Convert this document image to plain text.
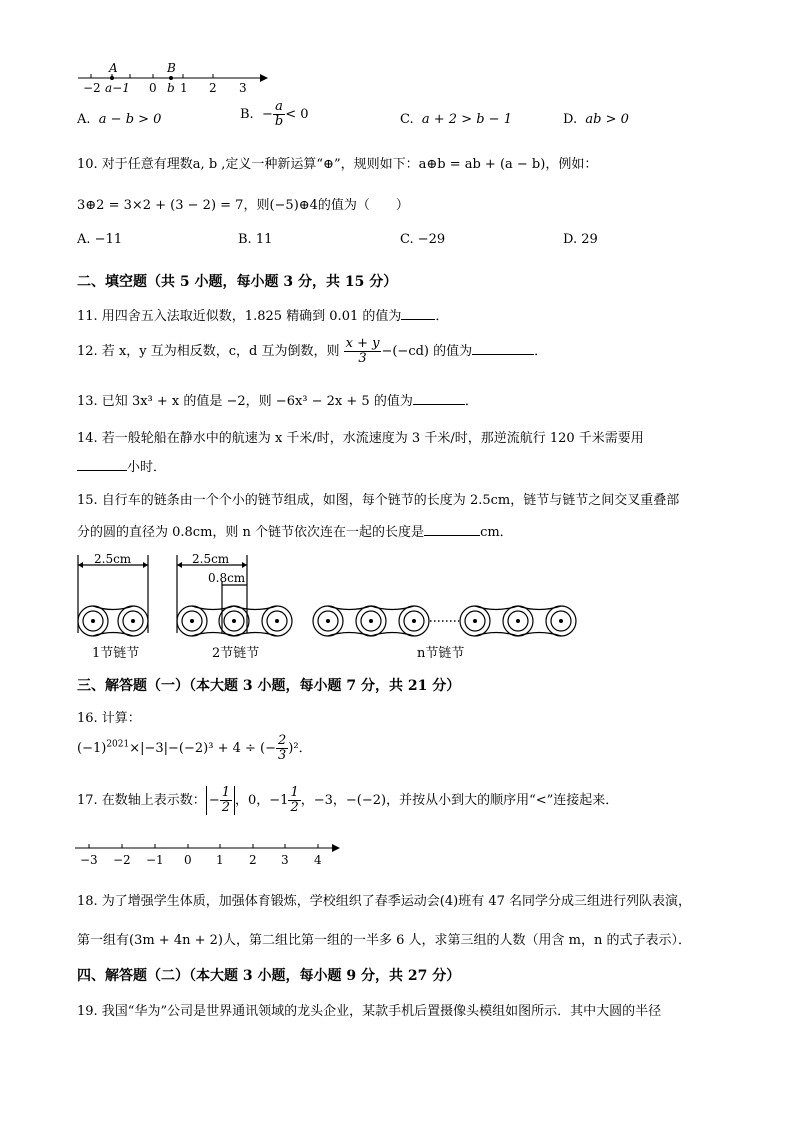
A	B
−2 a−1 0 b 1 2 3
A. a − b > 0	B. − $\frac{a}{b} < 0$	C. a + 2 > b − 1	D. ab > 0
10. 对于任意有理数a, b ,定义一种新运算“⊕”，规则如下：a⊕b = ab + (a − b)，例如：
3⊕2 = 3×2 + (3 − 2) = 7，则(−5)⊕4的值为（　　）
A. −11	B. 11	C. −29	D. 29
二、填空题（共 5 小题，每小题 3 分，共 15 分）
11. 用四舍五入法取近似数，1.825 精确到 0.01 的值为	．
12. 若 x，y 互为相反数，c，d 互为倒数，则 $\frac{x + y}{3} -(-cd)$ 的值为	．
13. 已知 3x³ + x 的值是 −2，则 −6x³ − 2x + 5 的值为	．
14. 若一般轮船在静水中的航速为 x 千米/时，水流速度为 3 千米/时，那逆流航行 120 千米需要用
小时．
15. 自行车的链条由一个个小的链节组成，如图，每个链节的长度为 2.5cm，链节与链节之间交叉重叠部
分的圆的直径为 0.8cm，则 n 个链节依次连在一起的长度是	cm．
2.5cm
1节链节
2.5cm
0.8cm
2节链节	n节链节
三、解答题（一）（本大题 3 小题，每小题 7 分，共 21 分）
16. 计算：
$(-1)^{2021}\times|-3|-(-2)^3 + 4$ ÷ (− $\frac{2}{3} )^2$．
17. 在数轴上表示数： − $\frac{1}{2}$ ，0，$-1 \frac{1}{2}$ ，−3，−(−2)，并按从小到大的顺序用“<”连接起来．
−3 −2 −1 0 1 2 3 4
18. 为了增强学生体质，加强体育锻炼，学校组织了春季运动会(4)班有 47 名同学分成三组进行列队表演，
第一组有(3m + 4n + 2)人，第二组比第一组的一半多 6 人，求第三组的人数（用含 m，n 的式子表示）．
四、解答题（二）（本大题 3 小题，每小题 9 分，共 27 分）
19. 我国“华为”公司是世界通讯领域的龙头企业，某款手机后置摄像头模组如图所示．其中大圆的半径
